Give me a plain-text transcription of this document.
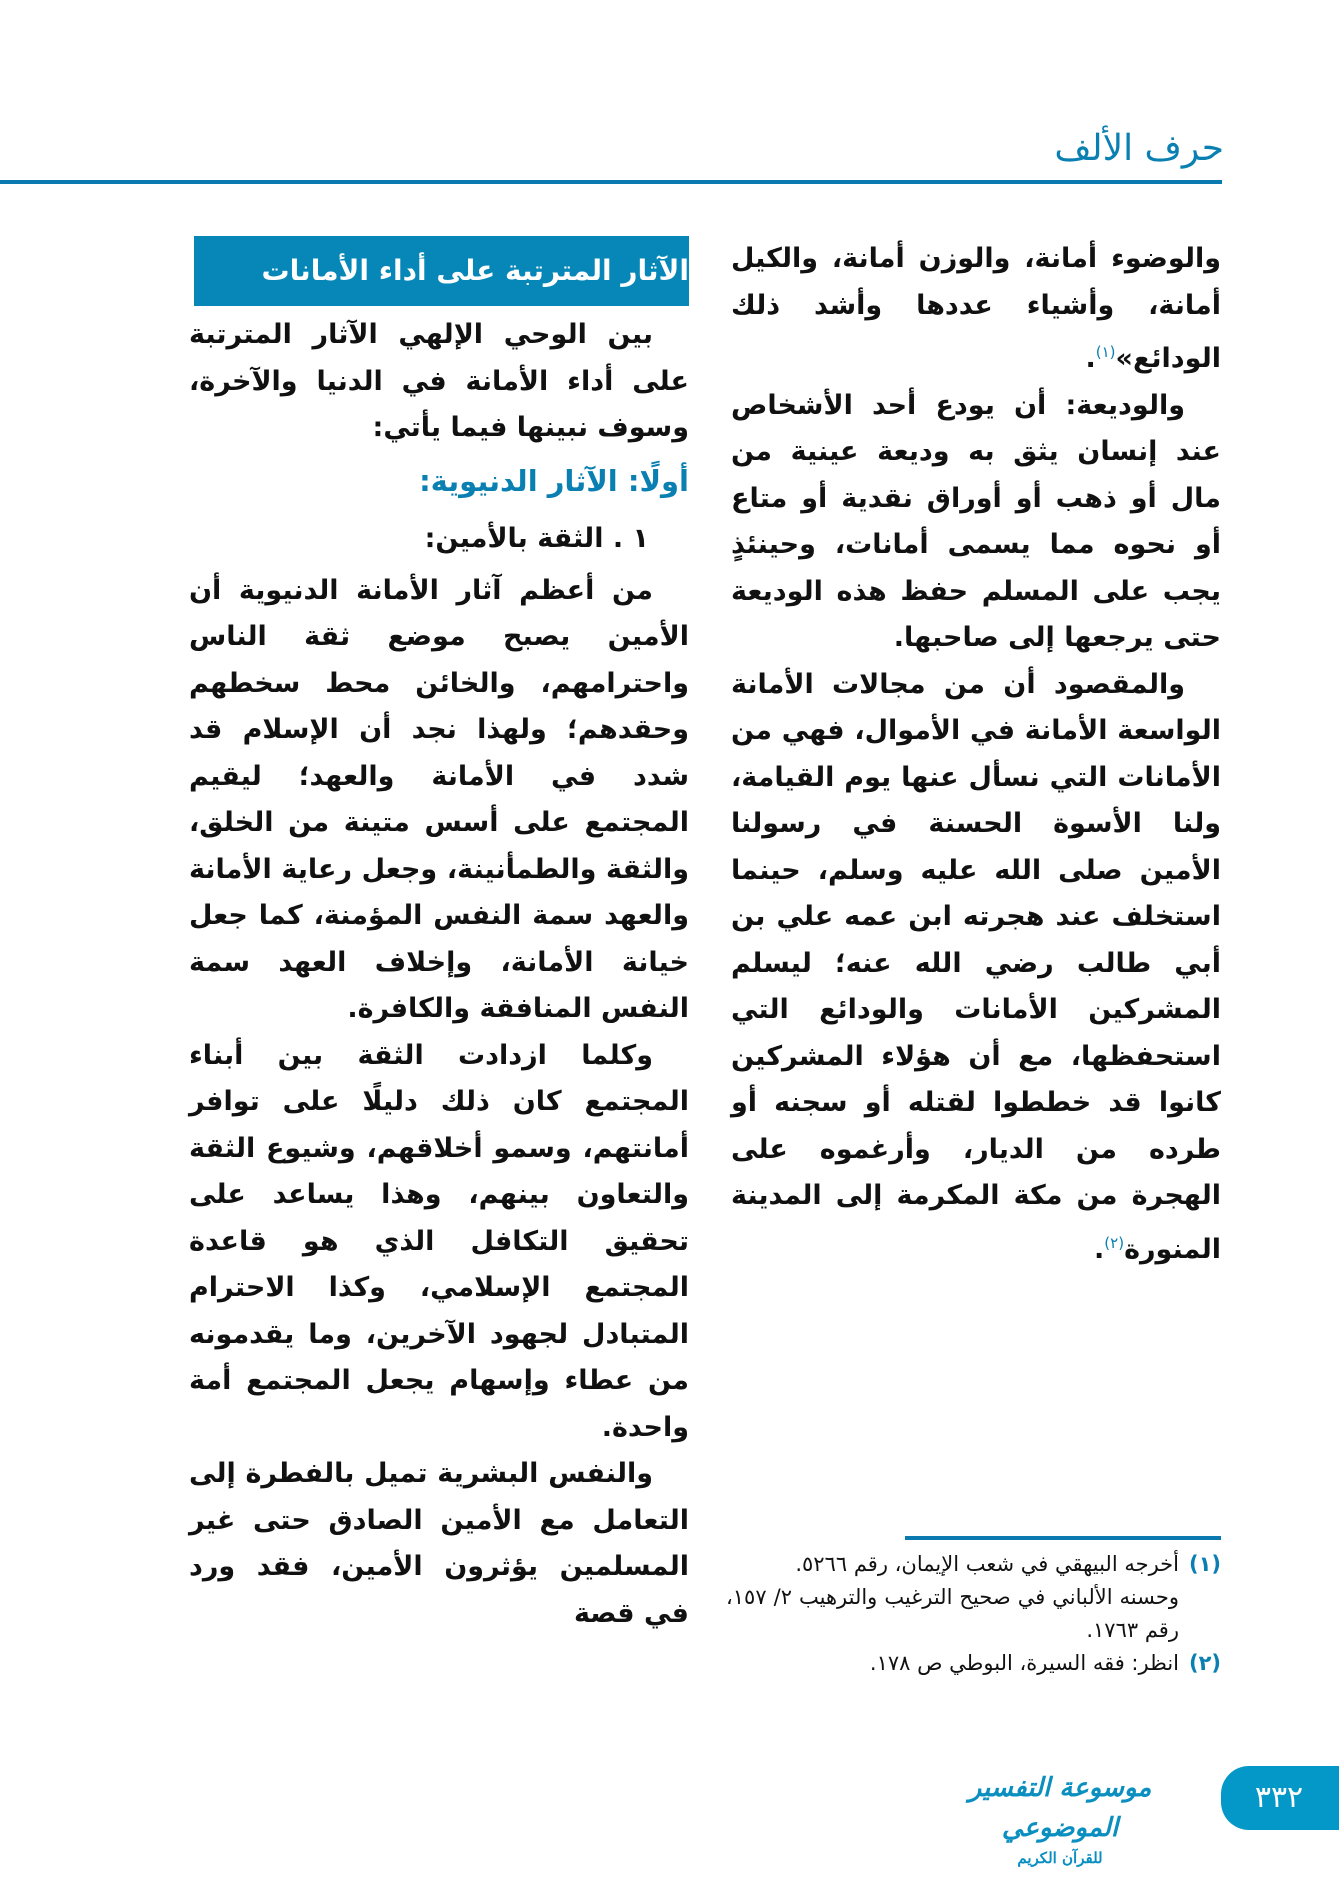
حرف الألف

والوضوء أمانة، والوزن أمانة، والكيل أمانة، وأشياء عددها وأشد ذلك الودائع»$^{(١)}$.

والوديعة: أن يودع أحد الأشخاص عند إنسان يثق به وديعة عينية من مال أو ذهب أو أوراق نقدية أو متاع أو نحوه مما يسمى أمانات، وحينئذٍ يجب على المسلم حفظ هذه الوديعة حتى يرجعها إلى صاحبها.

والمقصود أن من مجالات الأمانة الواسعة الأمانة في الأموال، فهي من الأمانات التي نسأل عنها يوم القيامة، ولنا الأسوة الحسنة في رسولنا الأمين صلى الله عليه وسلم، حينما استخلف عند هجرته ابن عمه علي بن أبي طالب رضي الله عنه؛ ليسلم المشركين الأمانات والودائع التي استحفظها، مع أن هؤلاء المشركين كانوا قد خططوا لقتله أو سجنه أو طرده من الديار، وأرغموه على الهجرة من مكة المكرمة إلى المدينة المنورة$^{(٢)}$.

الآثار المترتبة على أداء الأمانات

بين الوحي الإلهي الآثار المترتبة على أداء الأمانة في الدنيا والآخرة، وسوف نبينها فيما يأتي:

أولًا: الآثار الدنيوية:

١ . الثقة بالأمين:

من أعظم آثار الأمانة الدنيوية أن الأمين يصبح موضع ثقة الناس واحترامهم، والخائن محط سخطهم وحقدهم؛ ولهذا نجد أن الإسلام قد شدد في الأمانة والعهد؛ ليقيم المجتمع على أسس متينة من الخلق، والثقة والطمأنينة، وجعل رعاية الأمانة والعهد سمة النفس المؤمنة، كما جعل خيانة الأمانة، وإخلاف العهد سمة النفس المنافقة والكافرة.

وكلما ازدادت الثقة بين أبناء المجتمع كان ذلك دليلًا على توافر أمانتهم، وسمو أخلاقهم، وشيوع الثقة والتعاون بينهم، وهذا يساعد على تحقيق التكافل الذي هو قاعدة المجتمع الإسلامي، وكذا الاحترام المتبادل لجهود الآخرين، وما يقدمونه من عطاء وإسهام يجعل المجتمع أمة واحدة.

والنفس البشرية تميل بالفطرة إلى التعامل مع الأمين الصادق حتى غير المسلمين يؤثرون الأمين، فقد ورد في قصة

(١)
أخرجه البيهقي في شعب الإيمان، رقم ٥٢٦٦.

وحسنه الألباني في صحيح الترغيب والترهيب ٢/ ١٥٧، رقم ١٧٦٣.

(٢)
انظر: فقه السيرة، البوطي ص ١٧٨.

موسوعة التفسير الموضوعي
للقرآن الكريم
٣٣٢
